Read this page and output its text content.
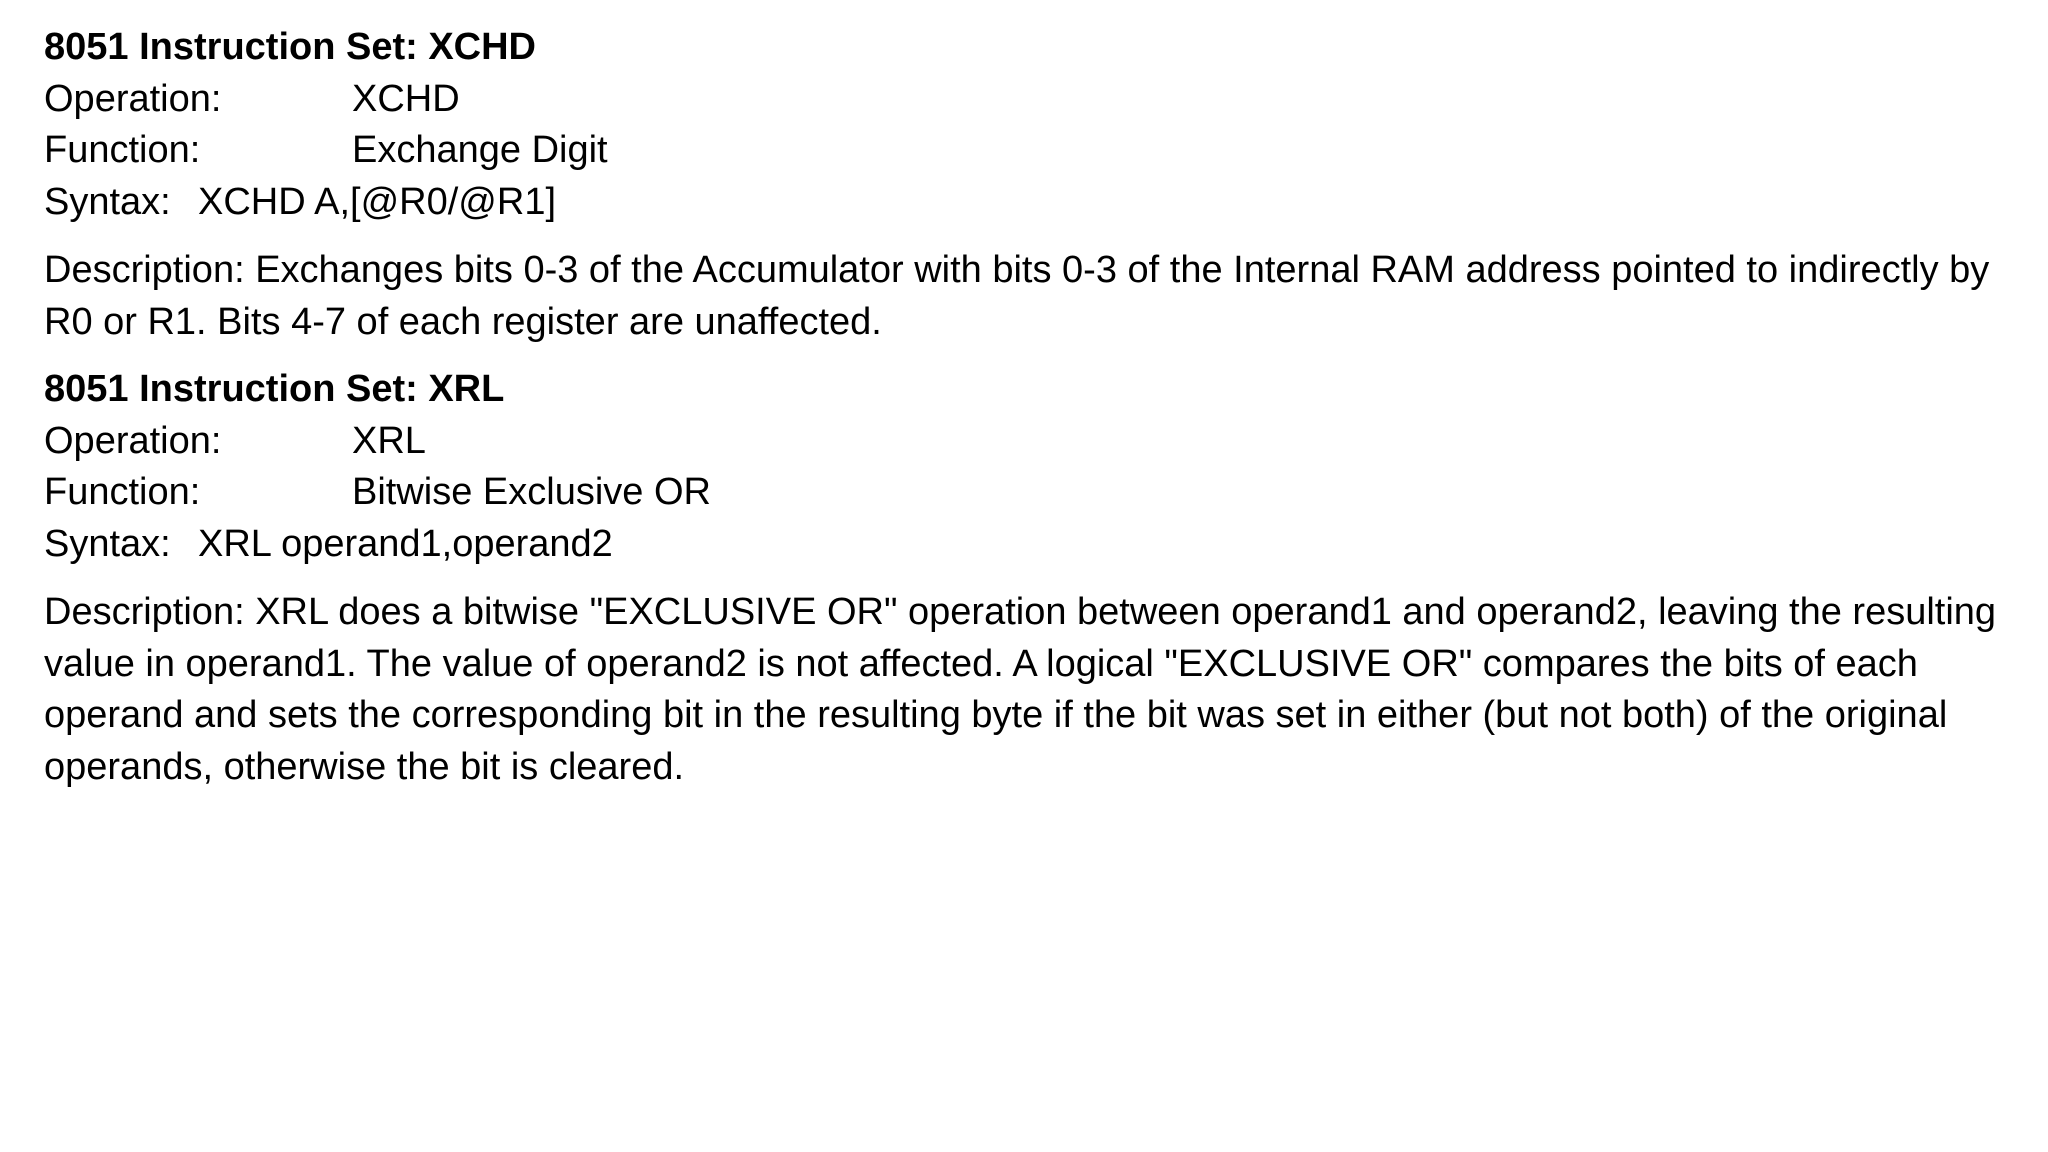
8051 Instruction Set: XCHD
Operation:	XCHD
Function:	Exchange Digit
Syntax: XCHD A,[@R0/@R1]
Description: Exchanges bits 0-3 of the Accumulator with bits 0-3 of the Internal RAM address pointed to indirectly by R0 or R1. Bits 4-7 of each register are unaffected.
8051 Instruction Set: XRL
Operation:	XRL
Function:	Bitwise Exclusive OR
Syntax: XRL operand1,operand2
Description: XRL does a bitwise "EXCLUSIVE OR" operation between operand1 and operand2, leaving the resulting value in operand1. The value of operand2 is not affected. A logical "EXCLUSIVE OR" compares the bits of each operand and sets the corresponding bit in the resulting byte if the bit was set in either (but not both) of the original operands, otherwise the bit is cleared.
